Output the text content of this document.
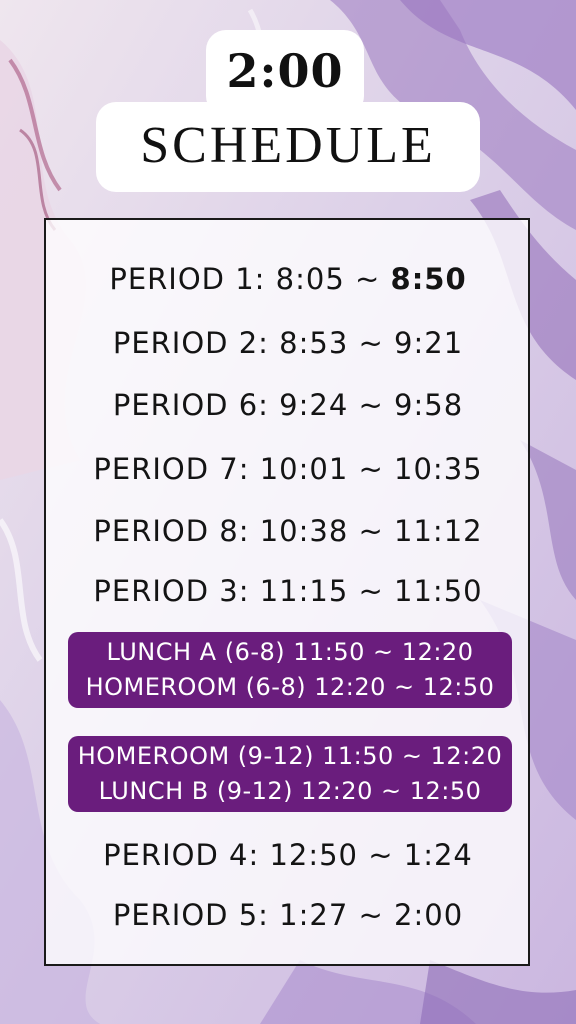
2:00
SCHEDULE
PERIOD 1: 8:05 ~ 8:50
PERIOD 2: 8:53 ~ 9:21
PERIOD 6: 9:24 ~ 9:58
PERIOD 7: 10:01 ~ 10:35
PERIOD 8: 10:38 ~ 11:12
PERIOD 3: 11:15 ~ 11:50
LUNCH A (6-8) 11:50 ~ 12:20
HOMEROOM (6-8) 12:20 ~ 12:50
HOMEROOM (9-12) 11:50 ~ 12:20
LUNCH B (9-12) 12:20 ~ 12:50
PERIOD 4: 12:50 ~ 1:24
PERIOD 5: 1:27 ~ 2:00
